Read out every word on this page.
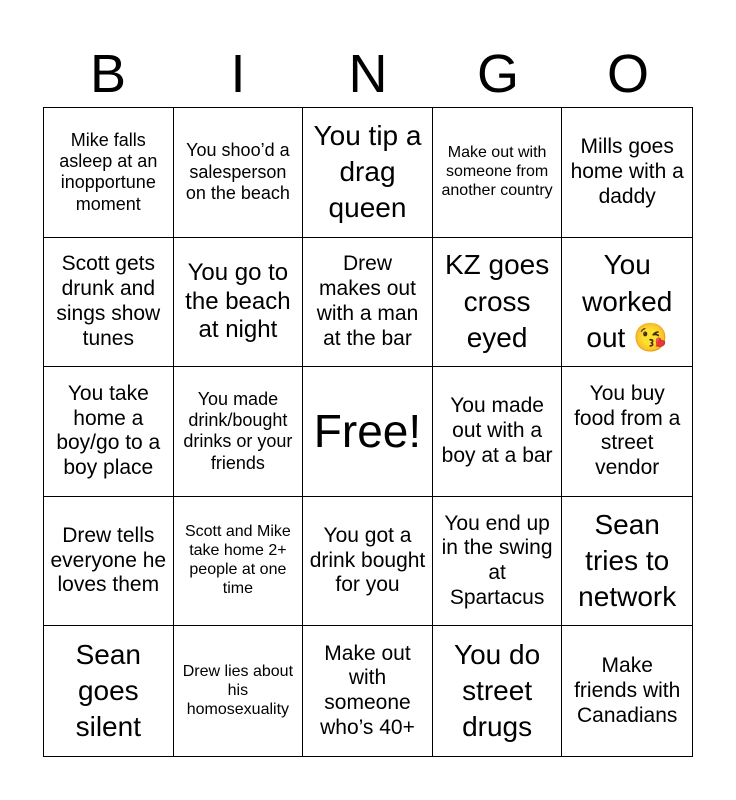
B	I	N	G	O
Mike falls asleep at an inopportune moment
You shoo’d a salesperson on the beach
You tip a drag queen
Make out with someone from another country
Mills goes home with a daddy
Scott gets drunk and sings show tunes
You go to the beach at night
Drew makes out with a man at the bar
KZ goes cross eyed
You worked out 😘
You take home a boy/go to a boy place
You made drink/bought drinks or your friends
Free!	You made out with a boy at a bar
You buy food from a street vendor
Drew tells everyone he loves them
Scott and Mike take home 2+ people at one time
You got a drink bought for you
You end up in the swing at Spartacus
Sean tries to network
Sean goes silent
Drew lies about his homosexuality
Make out with someone who’s 40+
You do street drugs
Make friends with Canadians
